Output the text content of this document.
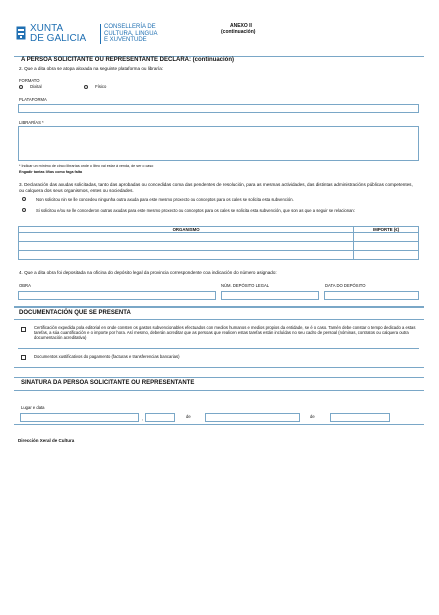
XUNTA
DE GALICIA
CONSELLERÍA DE
CULTURA, LINGUA
E XUVENTUDE
ANEXO II
(continuación)
A PERSOA SOLICITANTE OU REPRESENTANTE DECLARA: (continuación)
2. Que a dita obra se atopa aloxada na seguinte plataforma ou libraría:
FORMATO
Dixital	Físico
PLATAFORMA
LIBRARÍAS *
* Indicar un mínimo de cinco librarías onde o libro vai estar á venda, de ser o caso
Engadir tantas liñas como faga falta
3. Declaración das axudas solicitadas, tanto das aprobadas ou concedidas coma das pendentes de resolución, para as mesmas actividades, das distintas administracións públicas competentes, ou calquera dos seus organismos, entes ou sociedades.
Non solicitou nin se lle concedeu ningunha outra axuda para este mesmo proxecto ou conceptos para os cales se solicita esta subvención.
Si solicitou e/ou se lle concederon outras axudas para este mesmo proxecto ou conceptos para os cales se solicita esta subvención, que son as que a seguir se relacionan:
ORGANISMO	IMPORTE (€)

4. Que a dita obra foi depositada na oficina do depósito legal da provincia correspondente coa indicación do número asignado:
OBRA	NÚM. DEPÓSITO LEGAL	DATA DO DEPÓSITO
DOCUMENTACIÓN QUE SE PRESENTA
Certificación expedida pola editorial en onde consten os gastos subvencionables efectuados con medios humanos e medios propios da entidade, se é o caso. Tamén debe constar o tempo dedicado a estas tarefas, a súa cuantificación e o importe por hora. Así mesmo, deberán acreditar que as persoas que realicen estas tarefas están incluídas no seu cadro de persoal (nóminas, contratos ou calquera outra documentación acreditativa)
Documentos xustificativos do pagamento (facturas e transferencias bancarias)
SINATURA DA PERSOA SOLICITANTE OU REPRESENTANTE
Lugar e data
,	de	de
Dirección Xeral de Cultura
